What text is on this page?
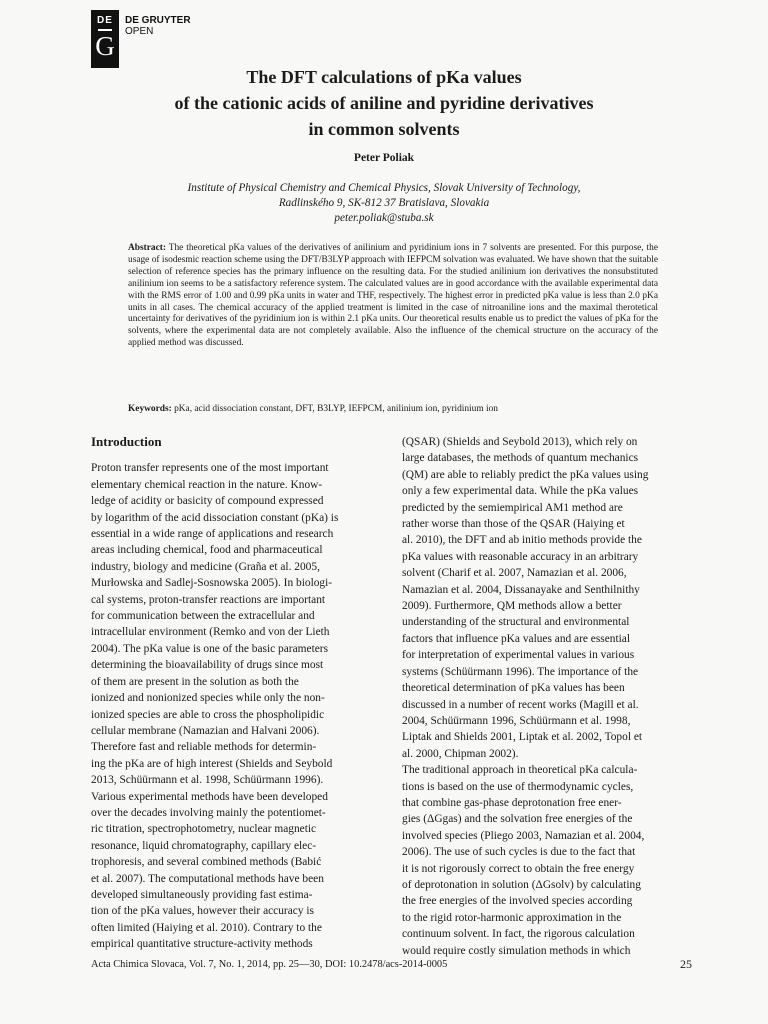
DE
G
DE GRUYTER
OPEN
The DFT calculations of pKa values
of the cationic acids of aniline and pyridine derivatives
in common solvents
Peter Poliak
Institute of Physical Chemistry and Chemical Physics, Slovak University of Technology,
Radlinského 9, SK-812 37 Bratislava, Slovakia
peter.poliak@stuba.sk
Abstract: The theoretical pKa values of the derivatives of anilinium and pyridinium ions in 7 solvents are presented. For this purpose, the usage of isodesmic reaction scheme using the DFT/B3LYP approach with IEFPCM solvation was evaluated. We have shown that the suitable selection of reference species has the primary influence on the resulting data. For the studied anilinium ion derivatives the nonsubstituted anilinium ion seems to be a satisfactory reference system. The calculated values are in good accordance with the available experimental data with the RMS error of 1.00 and 0.99 pKa units in water and THF, respectively. The highest error in predicted pKa value is less than 2.0 pKa units in all cases. The chemical accuracy of the applied treatment is limited in the case of nitroaniline ions and the maximal therotetical uncertainty for derivatives of the pyridinium ion is within 2.1 pKa units. Our theoretical results enable us to predict the values of pKa for the solvents, where the experimental data are not completely available. Also the influence of the chemical structure on the accuracy of the applied method was discussed.
Keywords: pKa, acid dissociation constant, DFT, B3LYP, IEFPCM, anilinium ion, pyridinium ion
Introduction
Proton transfer represents one of the most important
elementary chemical reaction in the nature. Know-
ledge of acidity or basicity of compound expressed
by logarithm of the acid dissociation constant (pKa) is
essential in a wide range of applications and research
areas including chemical, food and pharmaceutical
industry, biology and medicine (Graña et al. 2005,
Murłowska and Sadlej-Sosnowska 2005). In biologi-
cal systems, proton-transfer reactions are important
for communication between the extracellular and
intracellular environment (Remko and von der Lieth
2004). The pKa value is one of the basic parameters
determining the bioavailability of drugs since most
of them are present in the solution as both the
ionized and nonionized species while only the non-
ionized species are able to cross the phospholipidic
cellular membrane (Namazian and Halvani 2006).
Therefore fast and reliable methods for determin-
ing the pKa are of high interest (Shields and Seybold
2013, Schüürmann et al. 1998, Schüürmann 1996).
Various experimental methods have been developed
over the decades involving mainly the potentiomet-
ric titration, spectrophotometry, nuclear magnetic
resonance, liquid chromatography, capillary elec-
trophoresis, and several combined methods (Babić
et al. 2007). The computational methods have been
developed simultaneously providing fast estima-
tion of the pKa values, however their accuracy is
often limited (Haiying et al. 2010). Contrary to the
empirical quantitative structure-activity methods
(QSAR) (Shields and Seybold 2013), which rely on
large databases, the methods of quantum mechanics
(QM) are able to reliably predict the pKa values using
only a few experimental data. While the pKa values
predicted by the semiempirical AM1 method are
rather worse than those of the QSAR (Haiying et
al. 2010), the DFT and ab initio methods provide the
pKa values with reasonable accuracy in an arbitrary
solvent (Charif et al. 2007, Namazian et al. 2006,
Namazian et al. 2004, Dissanayake and Senthilnithy
2009). Furthermore, QM methods allow a better
understanding of the structural and environmental
factors that influence pKa values and are essential
for interpretation of experimental values in various
systems (Schüürmann 1996). The importance of the
theoretical determination of pKa values has been
discussed in a number of recent works (Magill et al.
2004, Schüürmann 1996, Schüürmann et al. 1998,
Liptak and Shields 2001, Liptak et al. 2002, Topol et
al. 2000, Chipman 2002).
The traditional approach in theoretical pKa calcula-
tions is based on the use of thermodynamic cycles,
that combine gas-phase deprotonation free ener-
gies (ΔGgas) and the solvation free energies of the
involved species (Pliego 2003, Namazian et al. 2004,
2006). The use of such cycles is due to the fact that
it is not rigorously correct to obtain the free energy
of deprotonation in solution (ΔGsolv) by calculating
the free energies of the involved species according
to the rigid rotor-harmonic approximation in the
continuum solvent. In fact, the rigorous calculation
would require costly simulation methods in which
Acta Chimica Slovaca, Vol. 7, No. 1, 2014, pp. 25—30, DOI: 10.2478/acs-2014-0005	25
